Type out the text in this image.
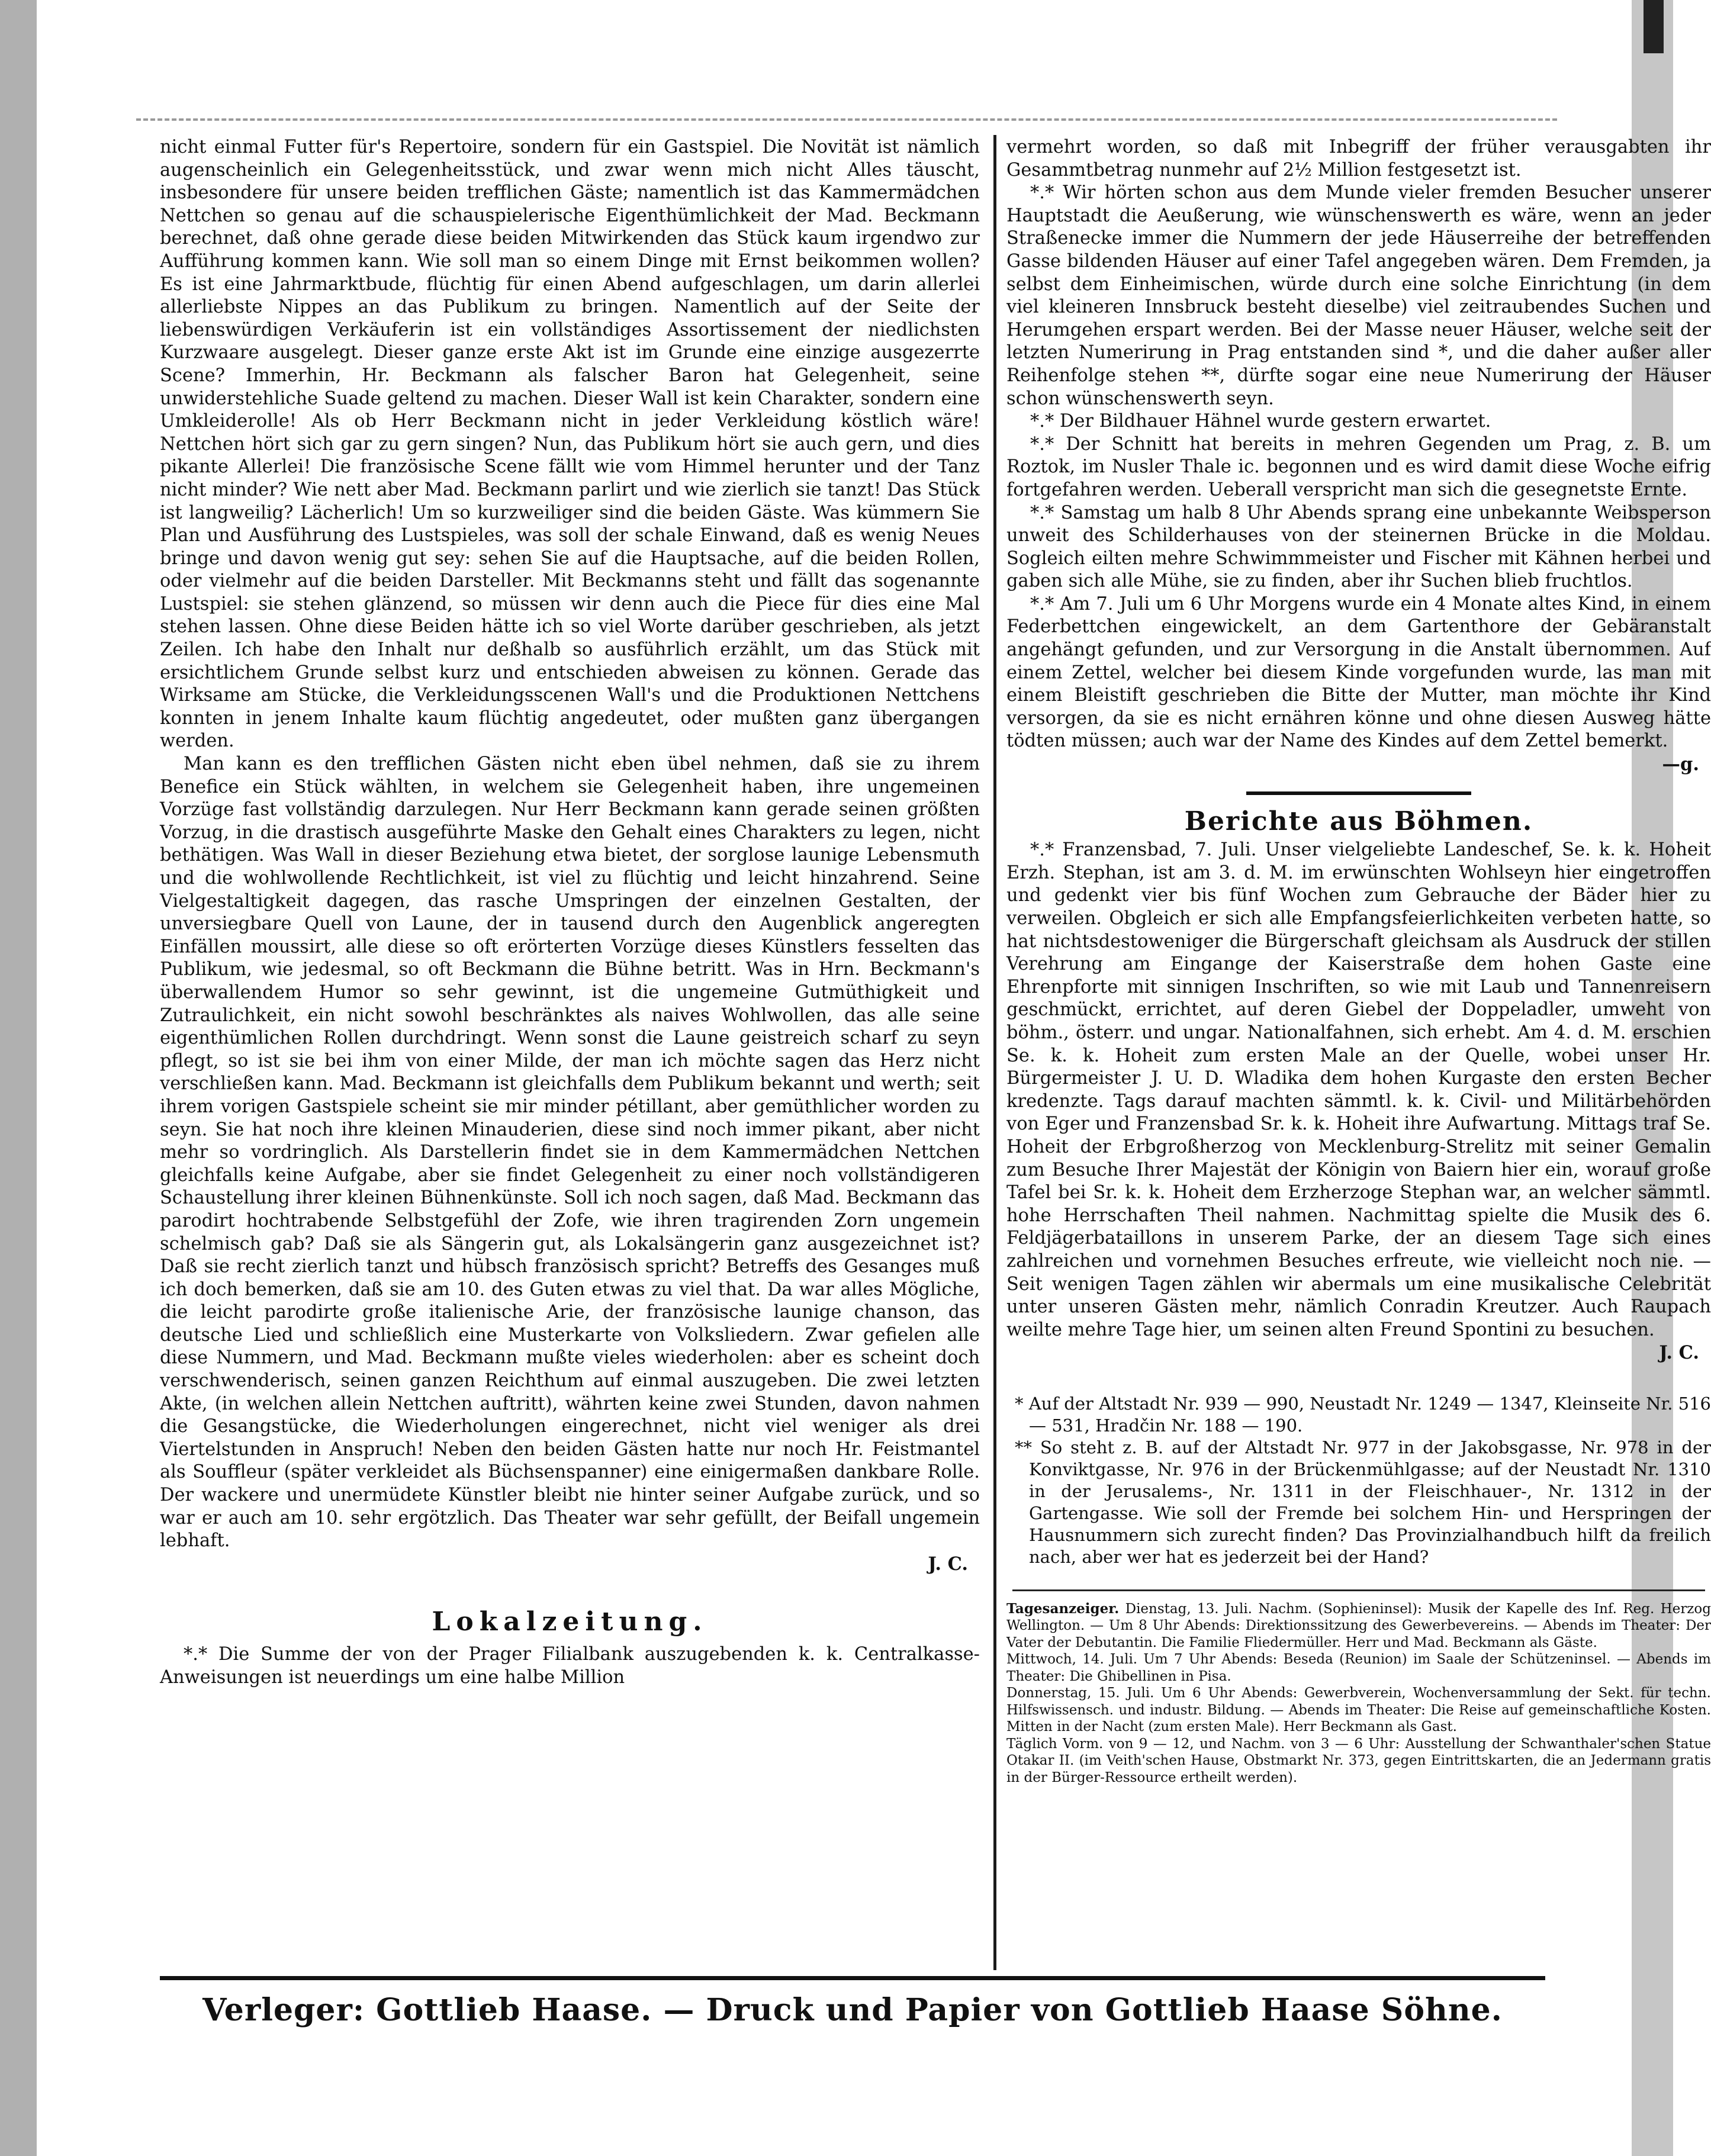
nicht einmal Futter für's Repertoire, sondern für ein Gastspiel. Die Novität ist nämlich augenscheinlich ein Gelegenheitsstück, und zwar wenn mich nicht Alles täuscht, insbesondere für unsere beiden trefflichen Gäste; namentlich ist das Kammermädchen Nettchen so genau auf die schauspielerische Eigenthümlichkeit der Mad. Beckmann berechnet, daß ohne gerade diese beiden Mitwirkenden das Stück kaum irgendwo zur Aufführung kommen kann. Wie soll man so einem Dinge mit Ernst beikommen wollen? Es ist eine Jahrmarktbude, flüchtig für einen Abend aufgeschlagen, um darin allerlei allerliebste Nippes an das Publikum zu bringen. Namentlich auf der Seite der liebenswürdigen Verkäuferin ist ein vollständiges Assortissement der niedlichsten Kurzwaare ausgelegt. Dieser ganze erste Akt ist im Grunde eine einzige ausgezerrte Scene? Immerhin, Hr. Beckmann als falscher Baron hat Gelegenheit, seine unwiderstehliche Suade geltend zu machen. Dieser Wall ist kein Charakter, sondern eine Umkleiderolle! Als ob Herr Beckmann nicht in jeder Verkleidung köstlich wäre! Nettchen hört sich gar zu gern singen? Nun, das Publikum hört sie auch gern, und dies pikante Allerlei! Die französische Scene fällt wie vom Himmel herunter und der Tanz nicht minder? Wie nett aber Mad. Beckmann parlirt und wie zierlich sie tanzt! Das Stück ist langweilig? Lächerlich! Um so kurzweiliger sind die beiden Gäste. Was kümmern Sie Plan und Ausführung des Lustspieles, was soll der schale Einwand, daß es wenig Neues bringe und davon wenig gut sey: sehen Sie auf die Hauptsache, auf die beiden Rollen, oder vielmehr auf die beiden Darsteller. Mit Beckmanns steht und fällt das sogenannte Lustspiel: sie stehen glänzend, so müssen wir denn auch die Piece für dies eine Mal stehen lassen. Ohne diese Beiden hätte ich so viel Worte darüber geschrieben, als jetzt Zeilen. Ich habe den Inhalt nur deßhalb so ausführlich erzählt, um das Stück mit ersichtlichem Grunde selbst kurz und entschieden abweisen zu können. Gerade das Wirksame am Stücke, die Verkleidungsscenen Wall's und die Produktionen Nettchens konnten in jenem Inhalte kaum flüchtig angedeutet, oder mußten ganz übergangen werden.

Man kann es den trefflichen Gästen nicht eben übel nehmen, daß sie zu ihrem Benefice ein Stück wählten, in welchem sie Gelegenheit haben, ihre ungemeinen Vorzüge fast vollständig darzulegen. Nur Herr Beckmann kann gerade seinen größten Vorzug, in die drastisch ausgeführte Maske den Gehalt eines Charakters zu legen, nicht bethätigen. Was Wall in dieser Beziehung etwa bietet, der sorglose launige Lebensmuth und die wohlwollende Rechtlichkeit, ist viel zu flüchtig und leicht hinzahrend. Seine Vielgestaltigkeit dagegen, das rasche Umspringen der einzelnen Gestalten, der unversiegbare Quell von Laune, der in tausend durch den Augenblick angeregten Einfällen moussirt, alle diese so oft erörterten Vorzüge dieses Künstlers fesselten das Publikum, wie jedesmal, so oft Beckmann die Bühne betritt. Was in Hrn. Beckmann's überwallendem Humor so sehr gewinnt, ist die ungemeine Gutmüthigkeit und Zutraulichkeit, ein nicht sowohl beschränktes als naives Wohlwollen, das alle seine eigenthümlichen Rollen durchdringt. Wenn sonst die Laune geistreich scharf zu seyn pflegt, so ist sie bei ihm von einer Milde, der man ich möchte sagen das Herz nicht verschließen kann. Mad. Beckmann ist gleichfalls dem Publikum bekannt und werth; seit ihrem vorigen Gastspiele scheint sie mir minder pétillant, aber gemüthlicher worden zu seyn. Sie hat noch ihre kleinen Minauderien, diese sind noch immer pikant, aber nicht mehr so vordringlich. Als Darstellerin findet sie in dem Kammermädchen Nettchen gleichfalls keine Aufgabe, aber sie findet Gelegenheit zu einer noch vollständigeren Schaustellung ihrer kleinen Bühnenkünste. Soll ich noch sagen, daß Mad. Beckmann das parodirt hochtrabende Selbstgefühl der Zofe, wie ihren tragirenden Zorn ungemein schelmisch gab? Daß sie als Sängerin gut, als Lokalsängerin ganz ausgezeichnet ist? Daß sie recht zierlich tanzt und hübsch französisch spricht? Betreffs des Gesanges muß ich doch bemerken, daß sie am 10. des Guten etwas zu viel that. Da war alles Mögliche, die leicht parodirte große italienische Arie, der französische launige chanson, das deutsche Lied und schließlich eine Musterkarte von Volksliedern. Zwar gefielen alle diese Nummern, und Mad. Beckmann mußte vieles wiederholen: aber es scheint doch verschwenderisch, seinen ganzen Reichthum auf einmal auszugeben. Die zwei letzten Akte, (in welchen allein Nettchen auftritt), währten keine zwei Stunden, davon nahmen die Gesangstücke, die Wiederholungen eingerechnet, nicht viel weniger als drei Viertelstunden in Anspruch! Neben den beiden Gästen hatte nur noch Hr. Feistmantel als Souffleur (später verkleidet als Büchsenspanner) eine einigermaßen dankbare Rolle. Der wackere und unermüdete Künstler bleibt nie hinter seiner Aufgabe zurück, und so war er auch am 10. sehr ergötzlich. Das Theater war sehr gefüllt, der Beifall ungemein lebhaft.

J. C.

Lokalzeitung.

*.* Die Summe der von der Prager Filialbank auszugebenden k. k. Centralkasse-Anweisungen ist neuerdings um eine halbe Million

vermehrt worden, so daß mit Inbegriff der früher verausgabten ihr Gesammtbetrag nunmehr auf 2½ Million festgesetzt ist.

*.* Wir hörten schon aus dem Munde vieler fremden Besucher unserer Hauptstadt die Aeußerung, wie wünschenswerth es wäre, wenn an jeder Straßenecke immer die Nummern der jede Häuserreihe der betreffenden Gasse bildenden Häuser auf einer Tafel angegeben wären. Dem Fremden, ja selbst dem Einheimischen, würde durch eine solche Einrichtung (in dem viel kleineren Innsbruck besteht dieselbe) viel zeitraubendes Suchen und Herumgehen erspart werden. Bei der Masse neuer Häuser, welche seit der letzten Numerirung in Prag entstanden sind *, und die daher außer aller Reihenfolge stehen **, dürfte sogar eine neue Numerirung der Häuser schon wünschenswerth seyn.

*.* Der Bildhauer Hähnel wurde gestern erwartet.

*.* Der Schnitt hat bereits in mehren Gegenden um Prag, z. B. um Roztok, im Nusler Thale ic. begonnen und es wird damit diese Woche eifrig fortgefahren werden. Ueberall verspricht man sich die gesegnetste Ernte.

*.* Samstag um halb 8 Uhr Abends sprang eine unbekannte Weibsperson unweit des Schilderhauses von der steinernen Brücke in die Moldau. Sogleich eilten mehre Schwimmmeister und Fischer mit Kähnen herbei und gaben sich alle Mühe, sie zu finden, aber ihr Suchen blieb fruchtlos.

*.* Am 7. Juli um 6 Uhr Morgens wurde ein 4 Monate altes Kind, in einem Federbettchen eingewickelt, an dem Gartenthore der Gebäranstalt angehängt gefunden, und zur Versorgung in die Anstalt übernommen. Auf einem Zettel, welcher bei diesem Kinde vorgefunden wurde, las man mit einem Bleistift geschrieben die Bitte der Mutter, man möchte ihr Kind versorgen, da sie es nicht ernähren könne und ohne diesen Ausweg hätte tödten müssen; auch war der Name des Kindes auf dem Zettel bemerkt.

—g.

Berichte aus Böhmen.

*.* Franzensbad, 7. Juli. Unser vielgeliebte Landeschef, Se. k. k. Hoheit Erzh. Stephan, ist am 3. d. M. im erwünschten Wohlseyn hier eingetroffen und gedenkt vier bis fünf Wochen zum Gebrauche der Bäder hier zu verweilen. Obgleich er sich alle Empfangsfeierlichkeiten verbeten hatte, so hat nichtsdestoweniger die Bürgerschaft gleichsam als Ausdruck der stillen Verehrung am Eingange der Kaiserstraße dem hohen Gaste eine Ehrenpforte mit sinnigen Inschriften, so wie mit Laub und Tannenreisern geschmückt, errichtet, auf deren Giebel der Doppeladler, umweht von böhm., österr. und ungar. Nationalfahnen, sich erhebt. Am 4. d. M. erschien Se. k. k. Hoheit zum ersten Male an der Quelle, wobei unser Hr. Bürgermeister J. U. D. Wladika dem hohen Kurgaste den ersten Becher kredenzte. Tags darauf machten sämmtl. k. k. Civil- und Militärbehörden von Eger und Franzensbad Sr. k. k. Hoheit ihre Aufwartung. Mittags traf Se. Hoheit der Erbgroßherzog von Mecklenburg-Strelitz mit seiner Gemalin zum Besuche Ihrer Majestät der Königin von Baiern hier ein, worauf große Tafel bei Sr. k. k. Hoheit dem Erzherzoge Stephan war, an welcher sämmtl. hohe Herrschaften Theil nahmen. Nachmittag spielte die Musik des 6. Feldjägerbataillons in unserem Parke, der an diesem Tage sich eines zahlreichen und vornehmen Besuches erfreute, wie vielleicht noch nie. — Seit wenigen Tagen zählen wir abermals um eine musikalische Celebrität unter unseren Gästen mehr, nämlich Conradin Kreutzer. Auch Raupach weilte mehre Tage hier, um seinen alten Freund Spontini zu besuchen.

J. C.

* Auf der Altstadt Nr. 939 — 990, Neustadt Nr. 1249 — 1347, Kleinseite Nr. 516 — 531, Hradčin Nr. 188 — 190.

** So steht z. B. auf der Altstadt Nr. 977 in der Jakobsgasse, Nr. 978 in der Konviktgasse, Nr. 976 in der Brückenmühlgasse; auf der Neustadt Nr. 1310 in der Jerusalems-, Nr. 1311 in der Fleischhauer-, Nr. 1312 in der Gartengasse. Wie soll der Fremde bei solchem Hin- und Herspringen der Hausnummern sich zurecht finden? Das Provinzialhandbuch hilft da freilich nach, aber wer hat es jederzeit bei der Hand?

Tagesanzeiger. Dienstag, 13. Juli. Nachm. (Sophieninsel): Musik der Kapelle des Inf. Reg. Herzog Wellington. — Um 8 Uhr Abends: Direktionssitzung des Gewerbevereins. — Abends im Theater: Der Vater der Debutantin. Die Familie Fliedermüller. Herr und Mad. Beckmann als Gäste.

Mittwoch, 14. Juli. Um 7 Uhr Abends: Beseda (Reunion) im Saale der Schützeninsel. — Abends im Theater: Die Ghibellinen in Pisa.

Donnerstag, 15. Juli. Um 6 Uhr Abends: Gewerbverein, Wochenversammlung der Sekt. für techn. Hilfswissensch. und industr. Bildung. — Abends im Theater: Die Reise auf gemeinschaftliche Kosten. Mitten in der Nacht (zum ersten Male). Herr Beckmann als Gast.

Täglich Vorm. von 9 — 12, und Nachm. von 3 — 6 Uhr: Ausstellung der Schwanthaler'schen Statue Otakar II. (im Veith'schen Hause, Obstmarkt Nr. 373, gegen Eintrittskarten, die an Jedermann gratis in der Bürger-Ressource ertheilt werden).

Verleger: Gottlieb Haase. — Druck und Papier von Gottlieb Haase Söhne.
